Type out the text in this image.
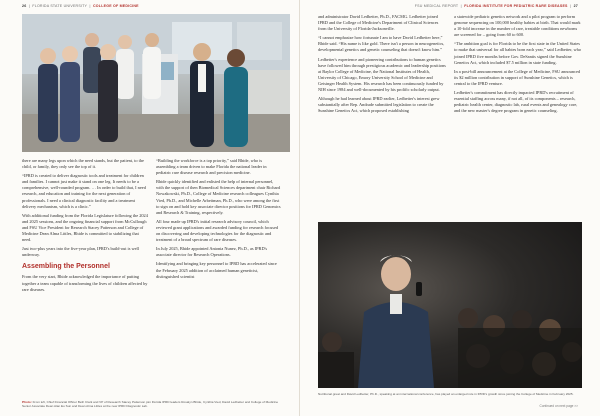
26  |  FLORIDA STATE UNIVERSITY  |  COLLEGE OF MEDICINE

there are many legs upon which the need stands, but the patient, to the child, or family, they only see the top of it.

“IPRD is created to deliver diagnostic tools and treatment for children and families. I cannot just make it stand on one leg. It needs to be a comprehensive, well-rounded program. … In order to build that, I need research, and education and training for the next generation of professionals. I need a clinical diagnostic facility and a treatment delivery mechanism, which is a clinic.”

With additional funding from the Florida Legislature following the 2024 and 2025 sessions, and the ongoing financial support from McCullough and FSU Vice President for Research Stacey Patterson and College of Medicine Dean Alma Littles, Bhide is committed to stabilizing that need.

Just two-plus years into the five-year plan, IPRD's build-out is well underway.

Assembling the Personnel

From the very start, Bhide acknowledged the importance of putting together a team capable of transforming the lives of children affected by rare diseases.

“Building the workforce is a top priority,” said Bhide, who is assembling a team driven to make Florida the national leader in pediatric rare disease research and precision medicine.

Bhide quickly identified and enlisted the help of internal personnel, with the support of then Biomedical Sciences department chair Richard Nowakowski, Ph.D., College of Medicine research colleagues Cynthia Vied, Ph.D., and Michelle Arbeitman, Ph.D., who were among the first to sign on and hold key associate director positions for IPRD Genomics and Research & Training, respectively.

All four made up IPRD's initial research advisory council, which reviewed grant applications and awarded funding for research focused on discovering and developing technologies for the diagnostic and treatment of a broad spectrum of rare diseases.

In July 2025, Bhide appointed Antonia Nunez, Ph.D., as IPRD's associate director for Research Operations.

Identifying and bringing key personnel to IPRD has accelerated since the February 2025 addition of acclaimed human geneticist, distinguished scientist

Photo: From left, Chief Financial Officer Beth Clark and VP of Research Stacey Patterson join Florida IPRD leaders Rosalyn Bhide, Cynthia Vied, David Ledbetter and College of Medicine Senior Associate Dean Alan Eo Sun and Dean Alma Littles at the new IPRD Diagnostic Lab.
FSU MEDICAL REPORT  |  FLORIDA INSTITUTE FOR PEDIATRIC RARE DISEASES  |  27

and administrator David Ledbetter, Ph.D., FACMG. Ledbetter joined IPRD and the College of Medicine's Department of Clinical Sciences from the University of Florida-Jacksonville.

“I cannot emphasize how fortunate I am to have David Ledbetter here,” Bhide said. “His name is like gold. There isn't a person in neurogenetics, developmental genetics and genetic counseling that doesn't know him.”

Ledbetter's experience and pioneering contributions to human genetics have followed him through prestigious academic and leadership positions at Baylor College of Medicine, the National Institutes of Health, University of Chicago, Emory University School of Medicine and Geisinger Health System. His research has been continuously funded by NIH since 1984 and well-documented by his prolific scholarly output.

Although he had learned about IPRD earlier, Ledbetter's interest grew substantially after Rep. Andrade submitted legislation to create the Sunshine Genetics Act, which proposed establishing

a statewide pediatric genetics network and a pilot program to perform genome sequencing on 100,000 healthy babies at birth. That would mark a 10-fold increase in the number of rare, treatable conditions newborns are screened for – going from 60 to 600.

“The ambition goal is for Florida to be the first state in the United States to make that universal for all babies born each year,” said Ledbetter, who joined IPRD five months before Gov. DeSantis signed the Sunshine Genetics Act, which included $7.5 million in state funding.

In a post-bill announcement at the College of Medicine, FSU announced its $2 million contribution in support of Sunshine Genetics, which is central to the IPRD venture.

Ledbetter's commitment has directly impacted IPRD's recruitment of essential staffing across many, if not all, of its components – research, pediatric health center, diagnostic lab, rural events and genealogy core, and the new master's degree program in genetic counseling.

Nutritional great and David Ledbetter, Ph.D., speaking at an international conference, has played an enlarged role in IPRD's growth since joining the College of Medicine in February 2025.
Continued on next page >>
